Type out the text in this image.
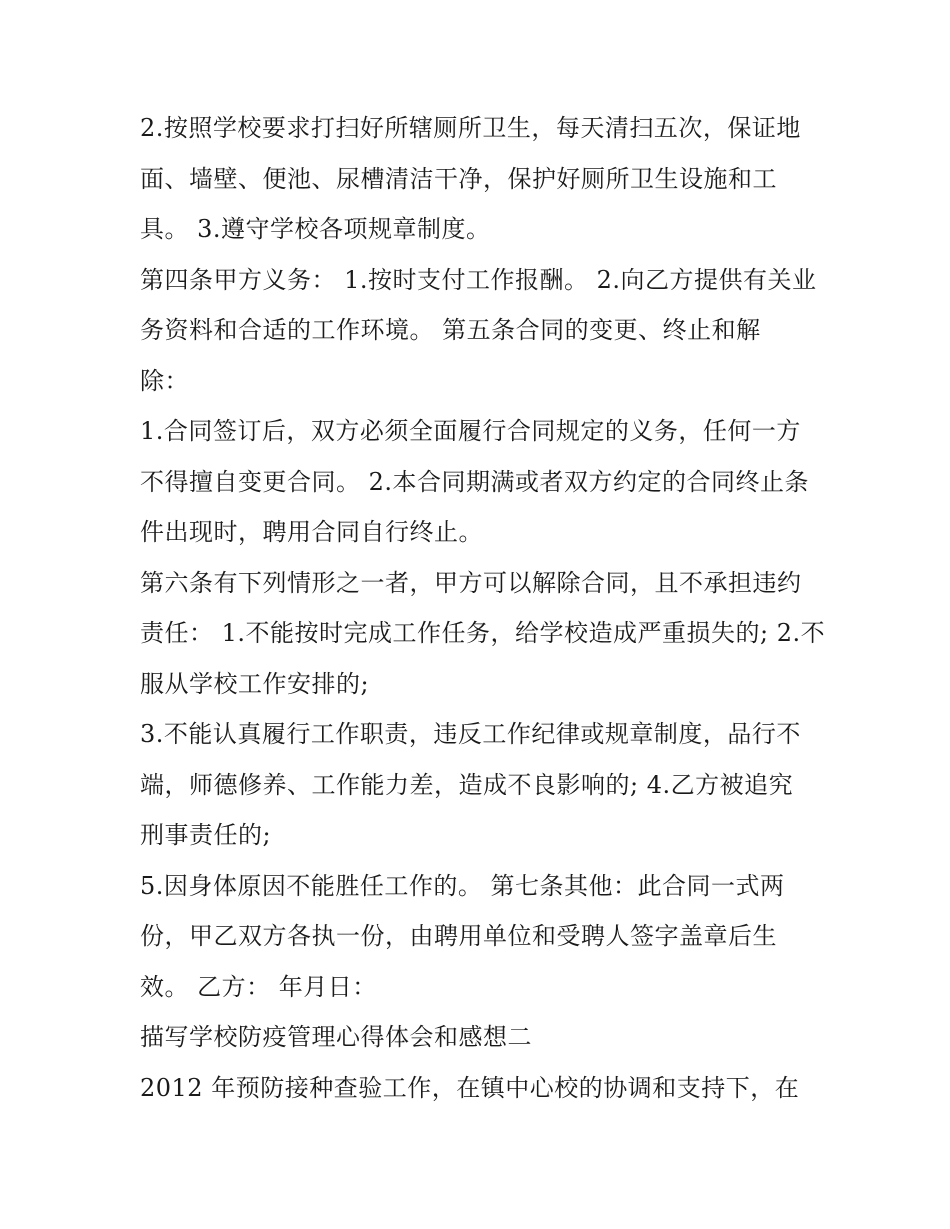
2.按照学校要求打扫好所辖厕所卫生，每天清扫五次，保证地
面、墙壁、便池、尿槽清洁干净，保护好厕所卫生设施和工
具。 3.遵守学校各项规章制度。

第四条甲方义务： 1.按时支付工作报酬。 2.向乙方提供有关业
务资料和合适的工作环境。 第五条合同的变更、终止和解
除：

1.合同签订后，双方必须全面履行合同规定的义务，任何一方
不得擅自变更合同。 2.本合同期满或者双方约定的合同终止条
件出现时，聘用合同自行终止。

第六条有下列情形之一者，甲方可以解除合同，且不承担违约
责任： 1.不能按时完成工作任务，给学校造成严重损失的; 2.不
服从学校工作安排的;

3.不能认真履行工作职责，违反工作纪律或规章制度，品行不
端，师德修养、工作能力差，造成不良影响的; 4.乙方被追究
刑事责任的;

5.因身体原因不能胜任工作的。 第七条其他：此合同一式两
份，甲乙双方各执一份，由聘用单位和受聘人签字盖章后生
效。 乙方： 年月日：

描写学校防疫管理心得体会和感想二

2012 年预防接种查验工作，在镇中心校的协调和支持下，在
